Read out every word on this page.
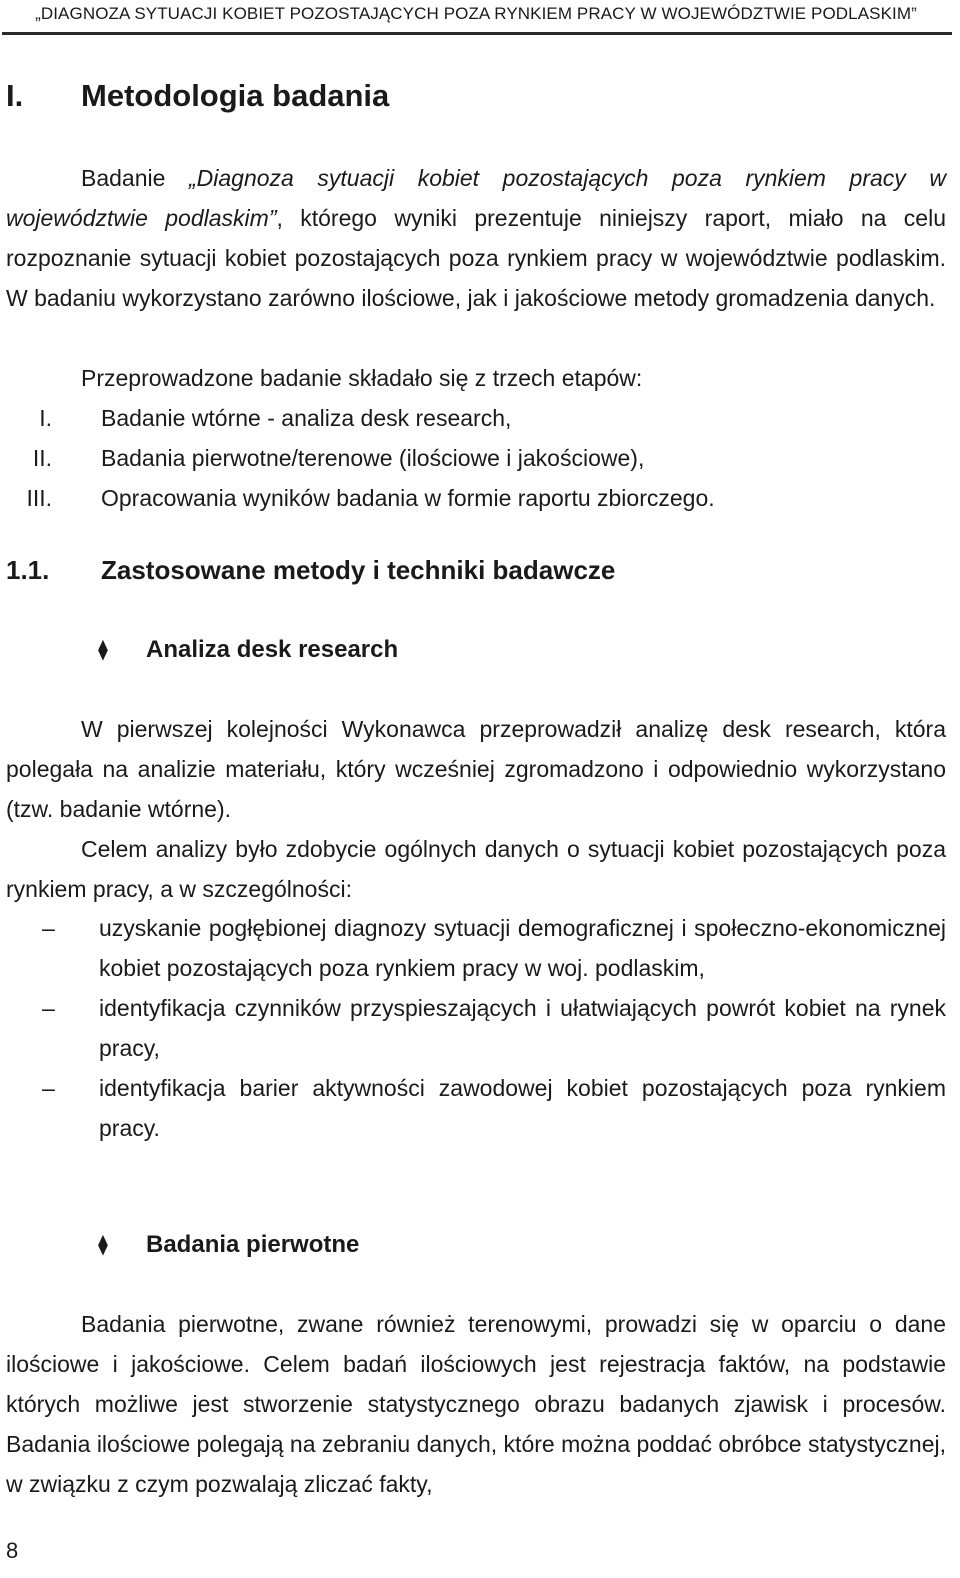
„DIAGNOZA SYTUACJI KOBIET POZOSTAJĄCYCH POZA RYNKIEM PRACY W WOJEWÓDZTWIE PODLASKIM”
I. Metodologia badania
Badanie „Diagnoza sytuacji kobiet pozostających poza rynkiem pracy w województwie podlaskim”, którego wyniki prezentuje niniejszy raport, miało na celu rozpoznanie sytuacji kobiet pozostających poza rynkiem pracy w województwie podlaskim. W badaniu wykorzystano zarówno ilościowe, jak i jakościowe metody gromadzenia danych.
Przeprowadzone badanie składało się z trzech etapów:
I. Badanie wtórne - analiza desk research,
II. Badania pierwotne/terenowe (ilościowe i jakościowe),
III. Opracowania wyników badania w formie raportu zbiorczego.
1.1. Zastosowane metody i techniki badawcze
⧫ Analiza desk research
W pierwszej kolejności Wykonawca przeprowadził analizę desk research, która polegała na analizie materiału, który wcześniej zgromadzono i odpowiednio wykorzystano (tzw. badanie wtórne).
Celem analizy było zdobycie ogólnych danych o sytuacji kobiet pozostających poza rynkiem pracy, a w szczególności:
– uzyskanie pogłębionej diagnozy sytuacji demograficznej i społeczno-ekonomicznej kobiet pozostających poza rynkiem pracy w woj. podlaskim,
– identyfikacja czynników przyspieszających i ułatwiających powrót kobiet na rynek pracy,
– identyfikacja barier aktywności zawodowej kobiet pozostających poza rynkiem pracy.
⧫ Badania pierwotne
Badania pierwotne, zwane również terenowymi, prowadzi się w oparciu o dane ilościowe i jakościowe. Celem badań ilościowych jest rejestracja faktów, na podstawie których możliwe jest stworzenie statystycznego obrazu badanych zjawisk i procesów. Badania ilościowe polegają na zebraniu danych, które można poddać obróbce statystycznej, w związku z czym pozwalają zliczać fakty,
8
